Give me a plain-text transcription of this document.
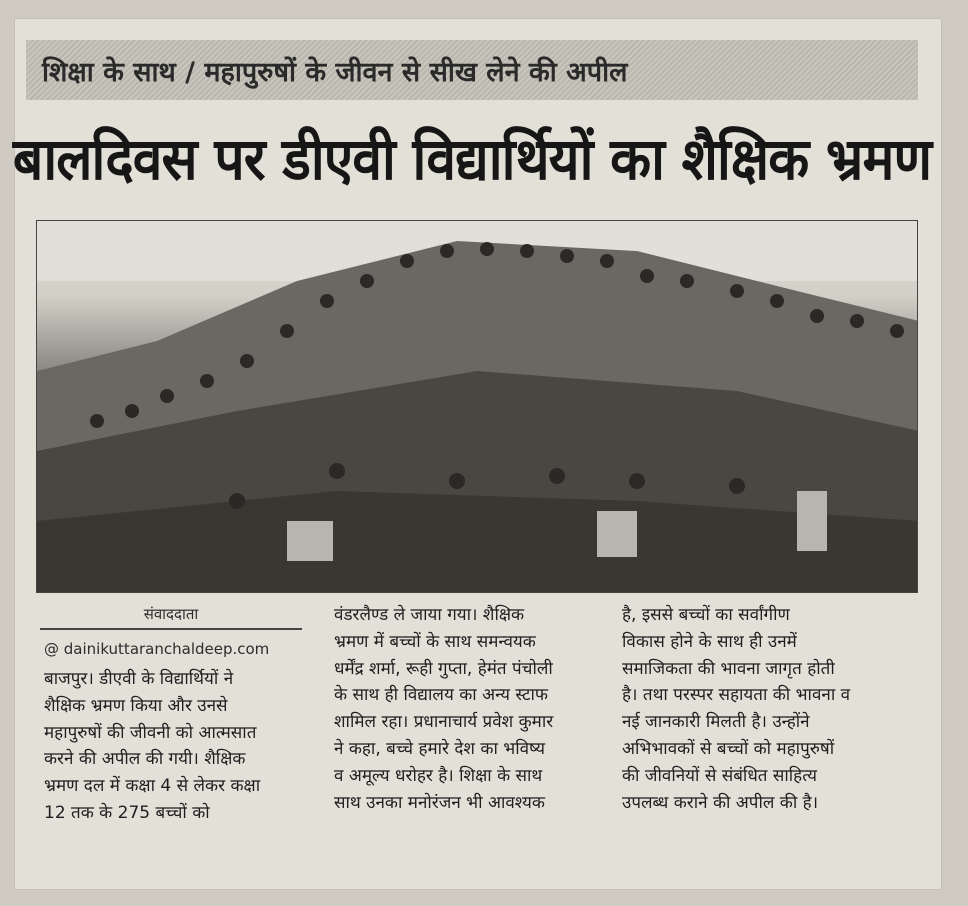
शिक्षा के साथ / महापुरुषों के जीवन से सीख लेने की अपील
बालदिवस पर डीएवी विद्यार्थियों का शैक्षिक भ्रमण
संवाददाता
@ dainikuttaranchaldeep.com
बाजपुर। डीएवी के विद्यार्थियों ने
शैक्षिक भ्रमण किया और उनसे
महापुरुषों की जीवनी को आत्मसात
करने की अपील की गयी। शैक्षिक
भ्रमण दल में कक्षा 4 से लेकर कक्षा
12 तक के 275 बच्चों को
वंडरलैण्ड ले जाया गया। शैक्षिक
भ्रमण में बच्चों के साथ समन्वयक
धर्मेंद्र शर्मा, रूही गुप्ता, हेमंत पंचोली
के साथ ही विद्यालय का अन्य स्टाफ
शामिल रहा। प्रधानाचार्य प्रवेश कुमार
ने कहा, बच्चे हमारे देश का भविष्य
व अमूल्य धरोहर है। शिक्षा के साथ
साथ उनका मनोरंजन भी आवश्यक
है, इससे बच्चों का सर्वांगीण
विकास होने के साथ ही उनमें
समाजिकता की भावना जागृत होती
है। तथा परस्पर सहायता की भावना व
नई जानकारी मिलती है। उन्होंने
अभिभावकों से बच्चों को महापुरुषों
की जीवनियों से संबंधित साहित्य
उपलब्ध कराने की अपील की है।
